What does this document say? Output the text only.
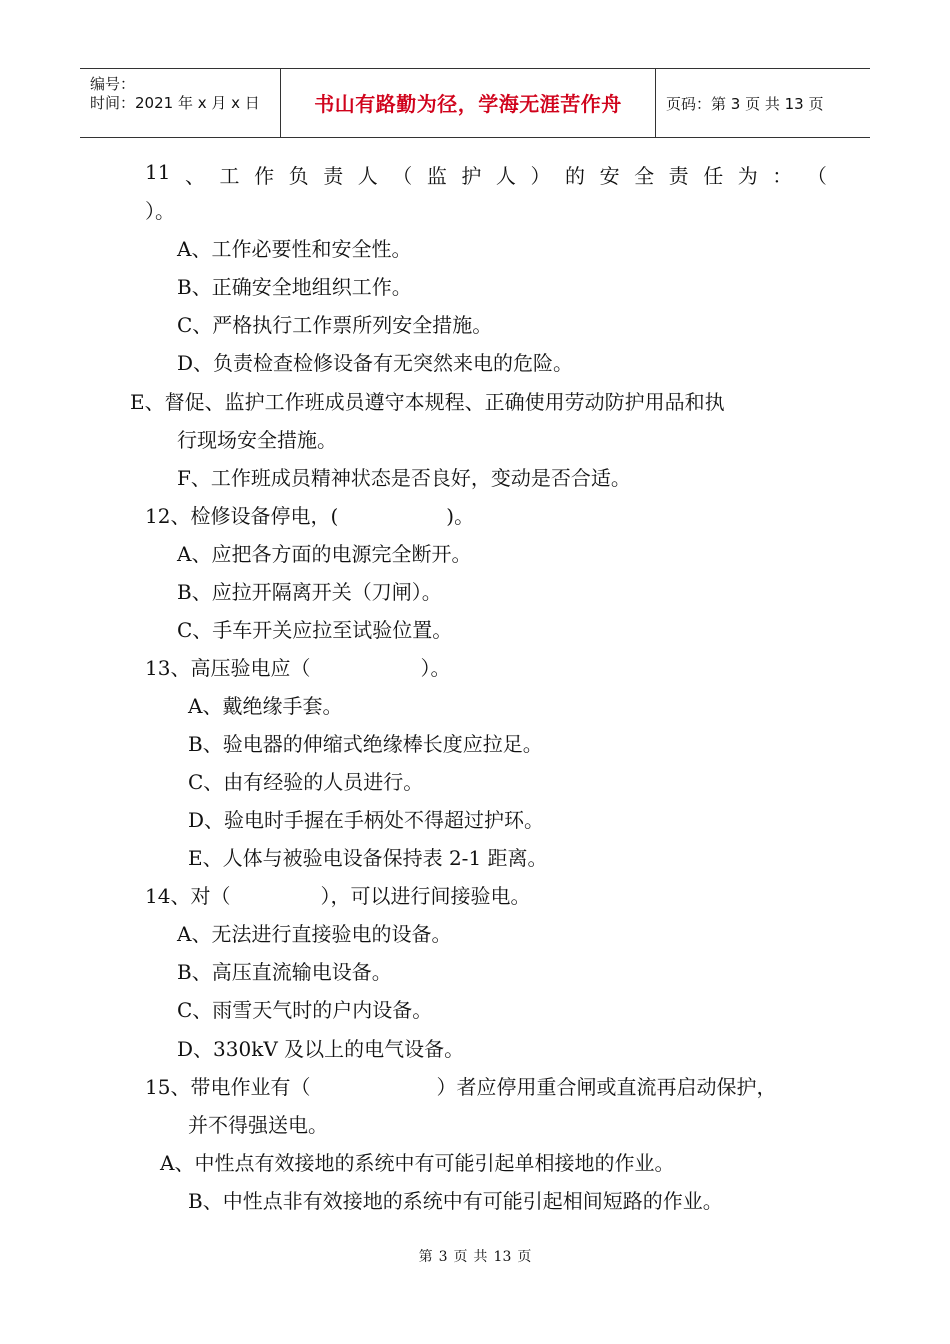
编号：
时间：2021 年 x 月 x 日	书山有路勤为径，学海无涯苦作舟	页码：第 3 页 共 13 页
11 、 工 作 负 责 人 （ 监 护 人 ） 的 安 全 责 任 为 ： （
）。
A、工作必要性和安全性。
B、正确安全地组织工作。
C、严格执行工作票所列安全措施。
D、负责检查检修设备有无突然来电的危险。
E、督促、监护工作班成员遵守本规程、正确使用劳动防护用品和执
行现场安全措施。
F、工作班成员精神状态是否良好，变动是否合适。
12、检修设备停电，(	)。
A、应把各方面的电源完全断开。
B、应拉开隔离开关（刀闸）。
C、手车开关应拉至试验位置。
13、高压验电应（	）。
A、戴绝缘手套。
B、验电器的伸缩式绝缘棒长度应拉足。
C、由有经验的人员进行。
D、验电时手握在手柄处不得超过护环。
E、人体与被验电设备保持表 2-1 距离。
14、对（	），可以进行间接验电。
A、无法进行直接验电的设备。
B、高压直流输电设备。
C、雨雪天气时的户内设备。
D、330kV 及以上的电气设备。
15、带电作业有（	）者应停用重合闸或直流再启动保护，
并不得强送电。
A、中性点有效接地的系统中有可能引起单相接地的作业。
B、中性点非有效接地的系统中有可能引起相间短路的作业。
第 3 页 共 13 页
